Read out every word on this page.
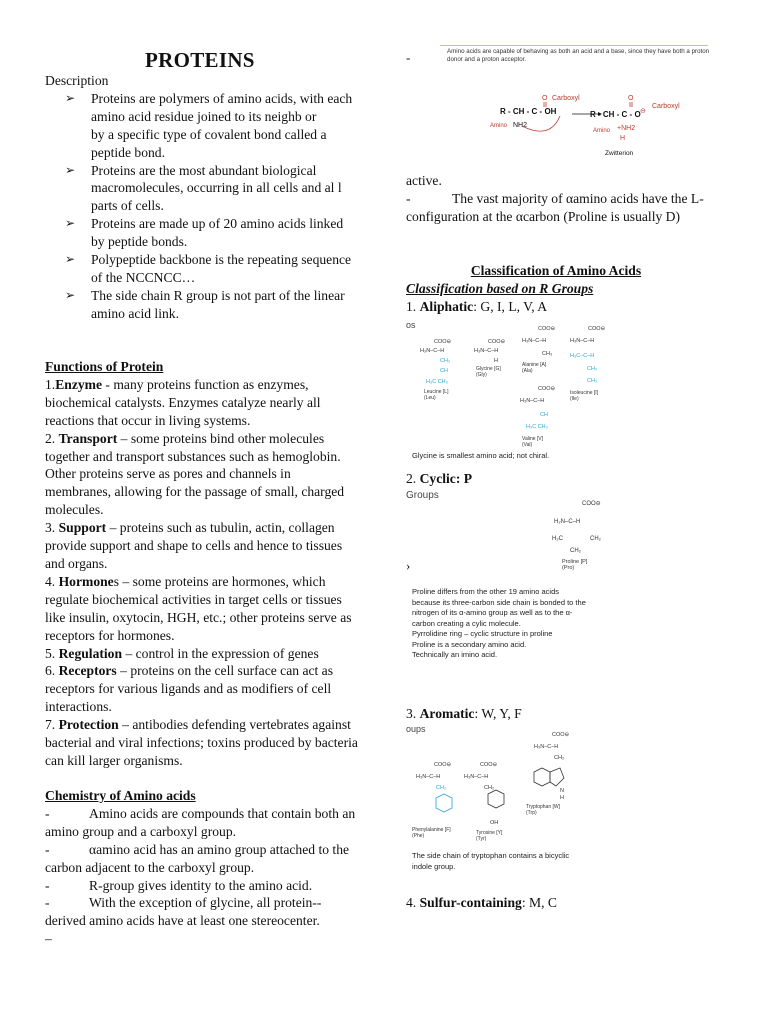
PROTEINS
Description
➢ Proteins are polymers of amino acids, with each amino acid residue joined to its neighb or
by a specific type of covalent bond called a peptide bond.
➢ Proteins are the most abundant biological macromolecules, occurring in all cells and al l parts of cells.
➢ Proteins are made up of 20 amino acids linked by peptide bonds.
➢ Polypeptide backbone is the repeating sequence of the NCCNCC…
➢ The side chain R group is not part of the linear amino acid link.
Functions of Protein
1.Enzyme - many proteins function as enzymes, biochemical catalysts. Enzymes catalyze nearly all reactions that occur in living systems.
2. Transport – some proteins bind other molecules together and transport substances such as hemoglobin. Other proteins serve as pores and channels in membranes, allowing for the passage of small, charged molecules.
3. Support – proteins such as tubulin, actin, collagen provide support and shape to cells and hence to tissues and organs.
4. Hormones – some proteins are hormones, which regulate biochemical activities in target cells or tissues like insulin, oxytocin, HGH, etc.; other proteins serve as receptors for hormones.
5. Regulation – control in the expression of genes
6. Receptors – proteins on the cell surface can act as receptors for various ligands and as modifiers of cell interactions.
7. Protection – antibodies defending vertebrates against bacterial and viral infections; toxins produced by bacteria can kill larger organisms.
Chemistry of Amino acids
-	Amino acids are compounds that contain both an amino group and a carboxyl group.
-	αamino acid has an amino group attached to the carbon adjacent to the carboxyl group.
-	R-group gives identity to the amino acid.
-	With the exception of glycine, all protein--derived amino acids have at least one stereocenter.
–
-	Amino acids are capable of behaving as both an acid and a base, since they have both a proton donor and a proton acceptor.
O Carboxyl
R - CH - C - OH
Amino NH2
O
Carboxyl
R - CH - C - O ⊖
Amino +NH2
H
Zwitterion
active.
-	The vast majority of αamino acids have the L-configuration at the αcarbon (Proline is usually D)
Classification of Amino Acids
Classification based on R Groups
1. Aliphatic: G, I, L, V, A
os
COO⊖
H₃N–C–H
CH₂
CH
H₃C CH₃
COO⊖
H₃N–C–H
H
COO⊖
H₃N–C–H
CH₃
COO⊖
H₃N–C–H
H₃C–C–H
CH₂
CH₃
COO⊖
H₃N–C–H
CH
H₃C CH₃
Leucine [L] (Leu)
Glycine [G] (Gly)
Alanine [A] (Ala)
Isoleucine [I] (Ile)
Valine [V] (Val)
Glycine is smallest amino acid; not chiral.
2. Cyclic: P
Groups
COO⊖
H₂N–C–H
H₂C	CH₂
CH₂
Proline [P] (Pro)
›
Proline differs from the other 19 amino acids
because its three-carbon side chain is bonded to the
nitrogen of its α-amino group as well as to the α-
carbon creating a cylic molecule.
Pyrrolidine ring – cyclic structure in proline
Proline is a secondary amino acid.
Technically an imino acid.
3. Aromatic: W, Y, F
oups
COO⊖
H₃N–C–H
CH₂
COO⊖
H₃N–C–H
CH₂
OH
COO⊖
H₃N–C–H
CH₂
N
H
Phenylalanine [F] (Phe)	Tyrosine [Y] (Tyr)
Tryptophan [W] (Trp)
The side chain of tryptophan contains a bicyclic
indole group.
4. Sulfur-containing: M, C
